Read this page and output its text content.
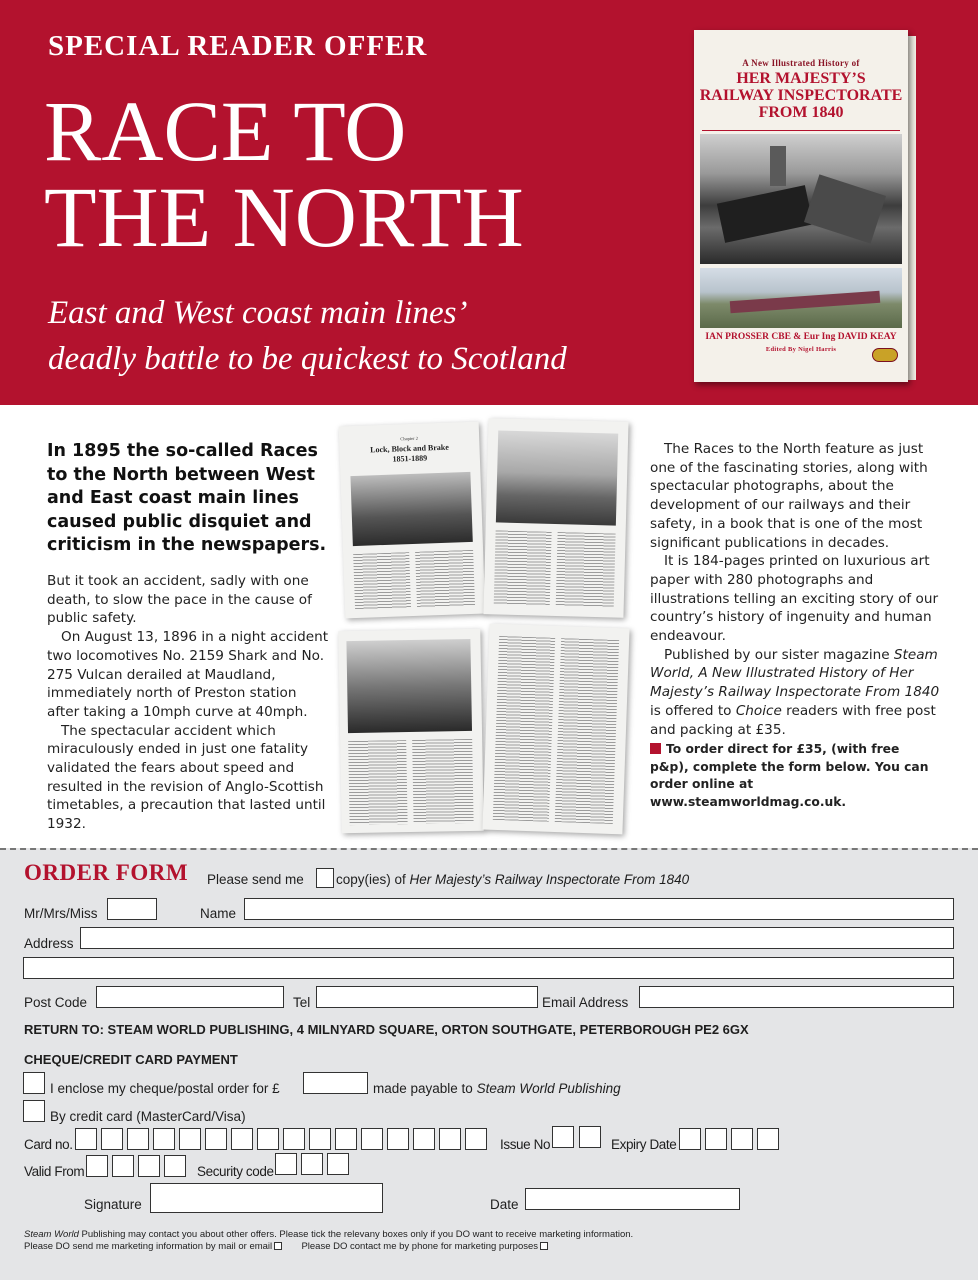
SPECIAL READER OFFER
RACE TO
THE NORTH
East and West coast main lines’
deadly battle to be quickest to Scotland
A New Illustrated History of
HER MAJESTY’S
RAILWAY INSPECTORATE
FROM 1840
IAN PROSSER CBE & Eur Ing DAVID KEAY
Edited By Nigel Harris
In 1895 the so-called Races to the North between West and East coast main lines caused public disquiet and criticism in the newspapers.

But it took an accident, sadly with one death, to slow the pace in the cause of public safety.

On August 13, 1896 in a night accident two locomotives No. 2159 Shark and No. 275 Vulcan derailed at Maudland, immediately north of Preston station after taking a 10mph curve at 40mph.

The spectacular accident which miraculously ended in just one fatality validated the fears about speed and resulted in the revision of Anglo-Scottish timetables, a precaution that lasted until 1932.

Chapter 2
Lock, Block and Brake
1851-1889

The Races to the North feature as just one of the fascinating stories, along with spectacular photographs, about the development of our railways and their safety, in a book that is one of the most significant publications in decades.

It is 184-pages printed on luxurious art paper with 280 photographs and illustrations telling an exciting story of our country’s history of ingenuity and human endeavour.

Published by our sister magazine Steam World, A New Illustrated History of Her Majesty’s Railway Inspectorate From 1840 is offered to Choice readers with free post and packing at £35.

To order direct for £35, (with free p&p), complete the form below. You can order online at www.steamworldmag.co.uk.

ORDER FORM Please send me copy(ies) of Her Majesty’s Railway Inspectorate From 1840
Mr/Mrs/Miss	Name
Address
Post Code	Tel	Email Address
RETURN TO: STEAM WORLD PUBLISHING, 4 MILNYARD SQUARE, ORTON SOUTHGATE, PETERBOROUGH PE2 6GX
CHEQUE/CREDIT CARD PAYMENT
I enclose my cheque/postal order for £	made payable to Steam World Publishing
By credit card (MasterCard/Visa)
Card no.	Issue No	Expiry Date
Valid From	Security code
Signature	Date
Steam World Publishing may contact you about other offers. Please tick the relevany boxes only if you DO want to receive marketing information.
Please DO send me marketing information by mail or email	Please DO contact me by phone for marketing purposes
